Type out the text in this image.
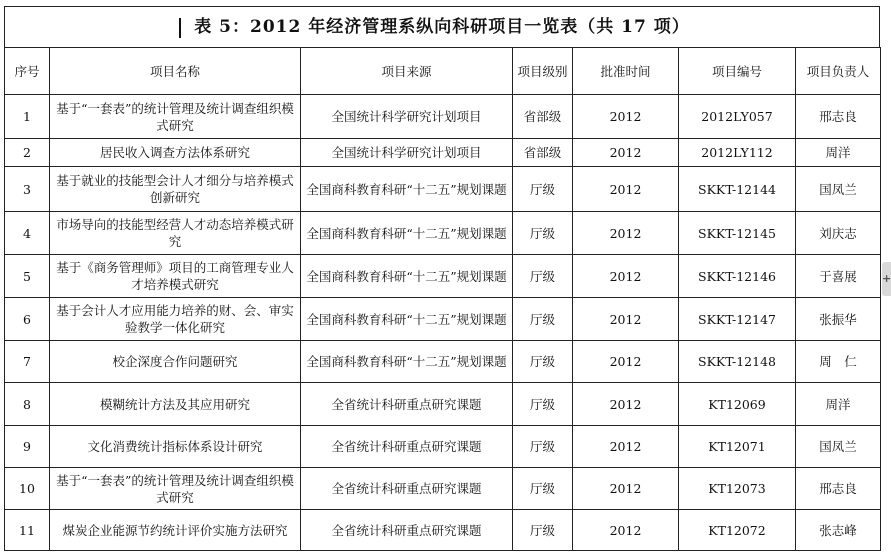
表 5：2012 年经济管理系纵向科研项目一览表（共 17 项）
序号	项目名称	项目来源	项目级别	批准时间	项目编号	项目负责人
1	基于“一套表”的统计管理及统计调查组织模式研究	全国统计科学研究计划项目	省部级	2012	2012LY057	邢志良
2	居民收入调查方法体系研究	全国统计科学研究计划项目	省部级	2012	2012LY112	周洋
3	基于就业的技能型会计人才细分与培养模式创新研究	全国商科教育科研“十二五”规划课题	厅级	2012	SKKT-12144	国凤兰
4	市场导向的技能型经营人才动态培养模式研究	全国商科教育科研“十二五”规划课题	厅级	2012	SKKT-12145	刘庆志
5	基于《商务管理师》项目的工商管理专业人才培养模式研究	全国商科教育科研“十二五”规划课题	厅级	2012	SKKT-12146	于喜展
6	基于会计人才应用能力培养的财、会、审实验教学一体化研究	全国商科教育科研“十二五”规划课题	厅级	2012	SKKT-12147	张振华
7	校企深度合作问题研究	全国商科教育科研“十二五”规划课题	厅级	2012	SKKT-12148	周　仁
8	模糊统计方法及其应用研究	全省统计科研重点研究课题	厅级	2012	KT12069	周洋
9	文化消费统计指标体系设计研究	全省统计科研重点研究课题	厅级	2012	KT12071	国凤兰
10	基于“一套表”的统计管理及统计调查组织模式研究	全省统计科研重点研究课题	厅级	2012	KT12073	邢志良
11	煤炭企业能源节约统计评价实施方法研究	全省统计科研重点研究课题	厅级	2012	KT12072	张志峰
+
